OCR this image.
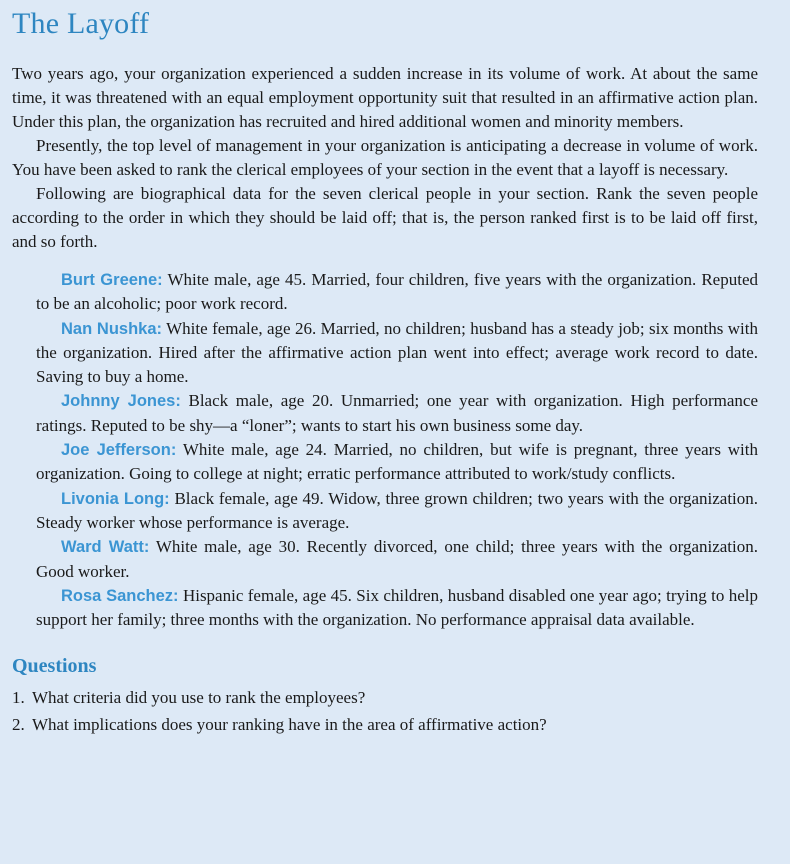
The Layoff

Two years ago, your organization experienced a sudden increase in its volume of work. At about the same time, it was threatened with an equal employment opportunity suit that resulted in an affirmative action plan. Under this plan, the organization has recruited and hired additional women and minority members.

Presently, the top level of management in your organization is anticipating a decrease in volume of work. You have been asked to rank the clerical employees of your section in the event that a layoff is necessary.

Following are biographical data for the seven clerical people in your section. Rank the seven people according to the order in which they should be laid off; that is, the person ranked first is to be laid off first, and so forth.

Burt Greene: White male, age 45. Married, four children, five years with the organization. Reputed to be an alcoholic; poor work record.

Nan Nushka: White female, age 26. Married, no children; husband has a steady job; six months with the organization. Hired after the affirmative action plan went into effect; average work record to date. Saving to buy a home.

Johnny Jones: Black male, age 20. Unmarried; one year with organization. High performance ratings. Reputed to be shy—a “loner”; wants to start his own business some day.

Joe Jefferson: White male, age 24. Married, no children, but wife is pregnant, three years with organization. Going to college at night; erratic performance attributed to work/study conflicts.

Livonia Long: Black female, age 49. Widow, three grown children; two years with the organization. Steady worker whose performance is average.

Ward Watt: White male, age 30. Recently divorced, one child; three years with the organization. Good worker.

Rosa Sanchez: Hispanic female, age 45. Six children, husband disabled one year ago; trying to help support her family; three months with the organization. No performance appraisal data available.

Questions
1. What criteria did you use to rank the employees?
2. What implications does your ranking have in the area of affirmative action?
